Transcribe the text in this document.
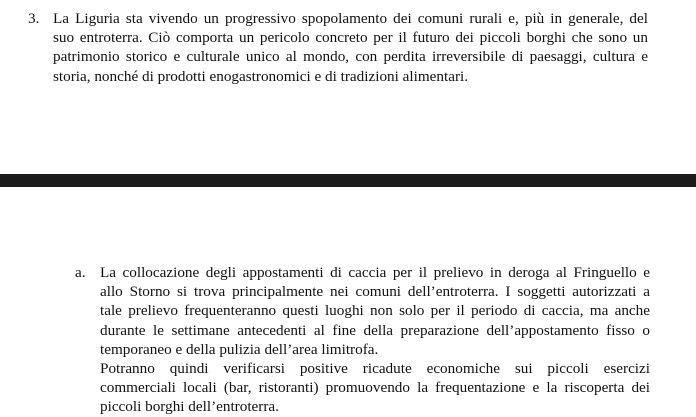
3. La Liguria sta vivendo un progressivo spopolamento dei comuni rurali e, più in generale, del
suo entroterra. Ciò comporta un pericolo concreto per il futuro dei piccoli borghi che sono un
patrimonio storico e culturale unico al mondo, con perdita irreversibile di paesaggi, cultura e
storia, nonché di prodotti enogastronomici e di tradizioni alimentari.
a. La collocazione degli appostamenti di caccia per il prelievo in deroga al Fringuello e
allo Storno si trova principalmente nei comuni dell’entroterra. I soggetti autorizzati a
tale prelievo frequenteranno questi luoghi non solo per il periodo di caccia, ma anche
durante le settimane antecedenti al fine della preparazione dell’appostamento fisso o
temporaneo e della pulizia dell’area limitrofa.
Potranno quindi verificarsi positive ricadute economiche sui piccoli esercizi
commerciali locali (bar, ristoranti) promuovendo la frequentazione e la riscoperta dei
piccoli borghi dell’entroterra.
